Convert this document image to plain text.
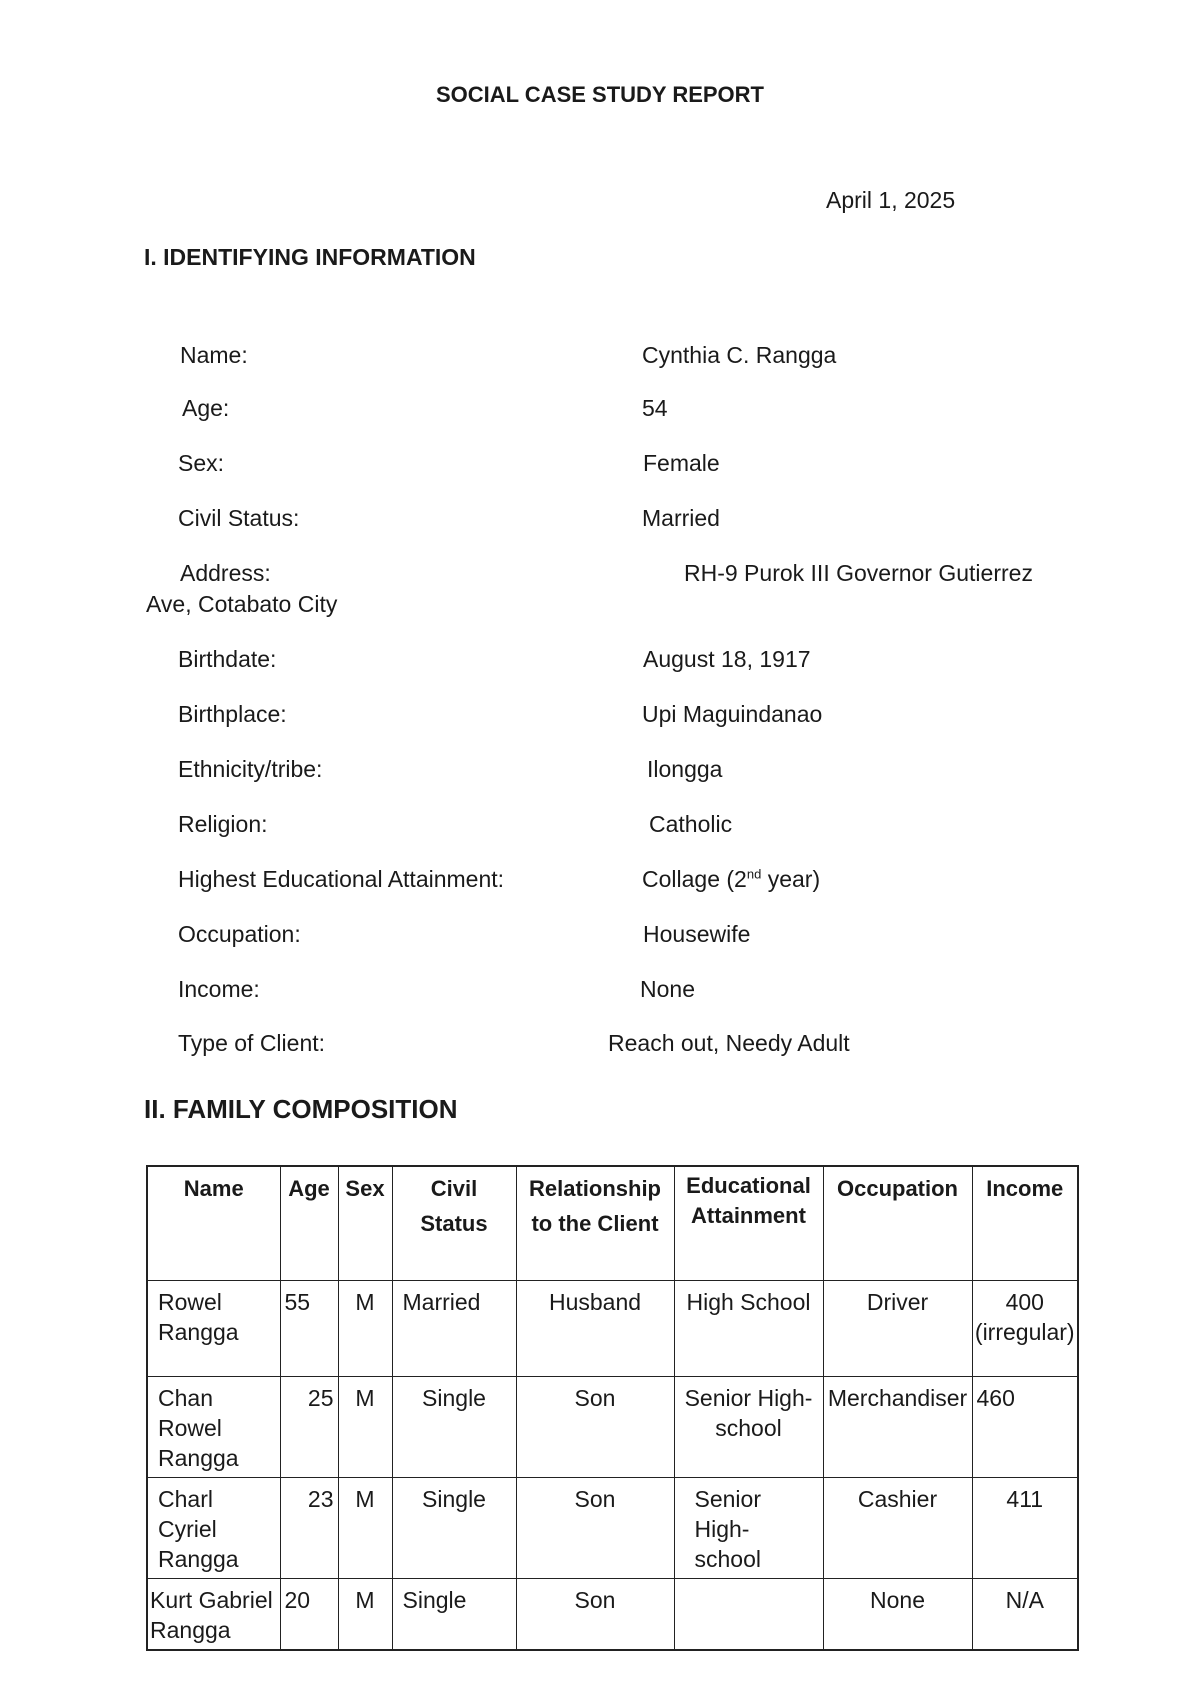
SOCIAL CASE STUDY REPORT
April 1, 2025
I. IDENTIFYING INFORMATION
Name:	Cynthia C. Rangga
Age:	54
Sex:	Female
Civil Status:	Married
Address:	RH-9 Purok III Governor Gutierrez
Ave, Cotabato City
Birthdate:	August 18, 1917
Birthplace:	Upi Maguindanao
Ethnicity/tribe:	Ilongga
Religion:	Catholic
Highest Educational Attainment:	Collage (2nd year)
Occupation:	Housewife
Income:	None
Type of Client:	Reach out, Needy Adult
II. FAMILY COMPOSITION
Name	Age	Sex	Civil Status	Relationship to the Client	Educational Attainment	Occupation	Income
Rowel Rangga	55	M	Married	Husband	High School	Driver	400 (irregular)
Chan Rowel Rangga	25	M	Single	Son	Senior High-school	Merchandiser	460
Charl Cyriel Rangga	23	M	Single	Son	Senior High-school	Cashier	411
Kurt Gabriel Rangga	20	M	Single	Son		None	N/A
